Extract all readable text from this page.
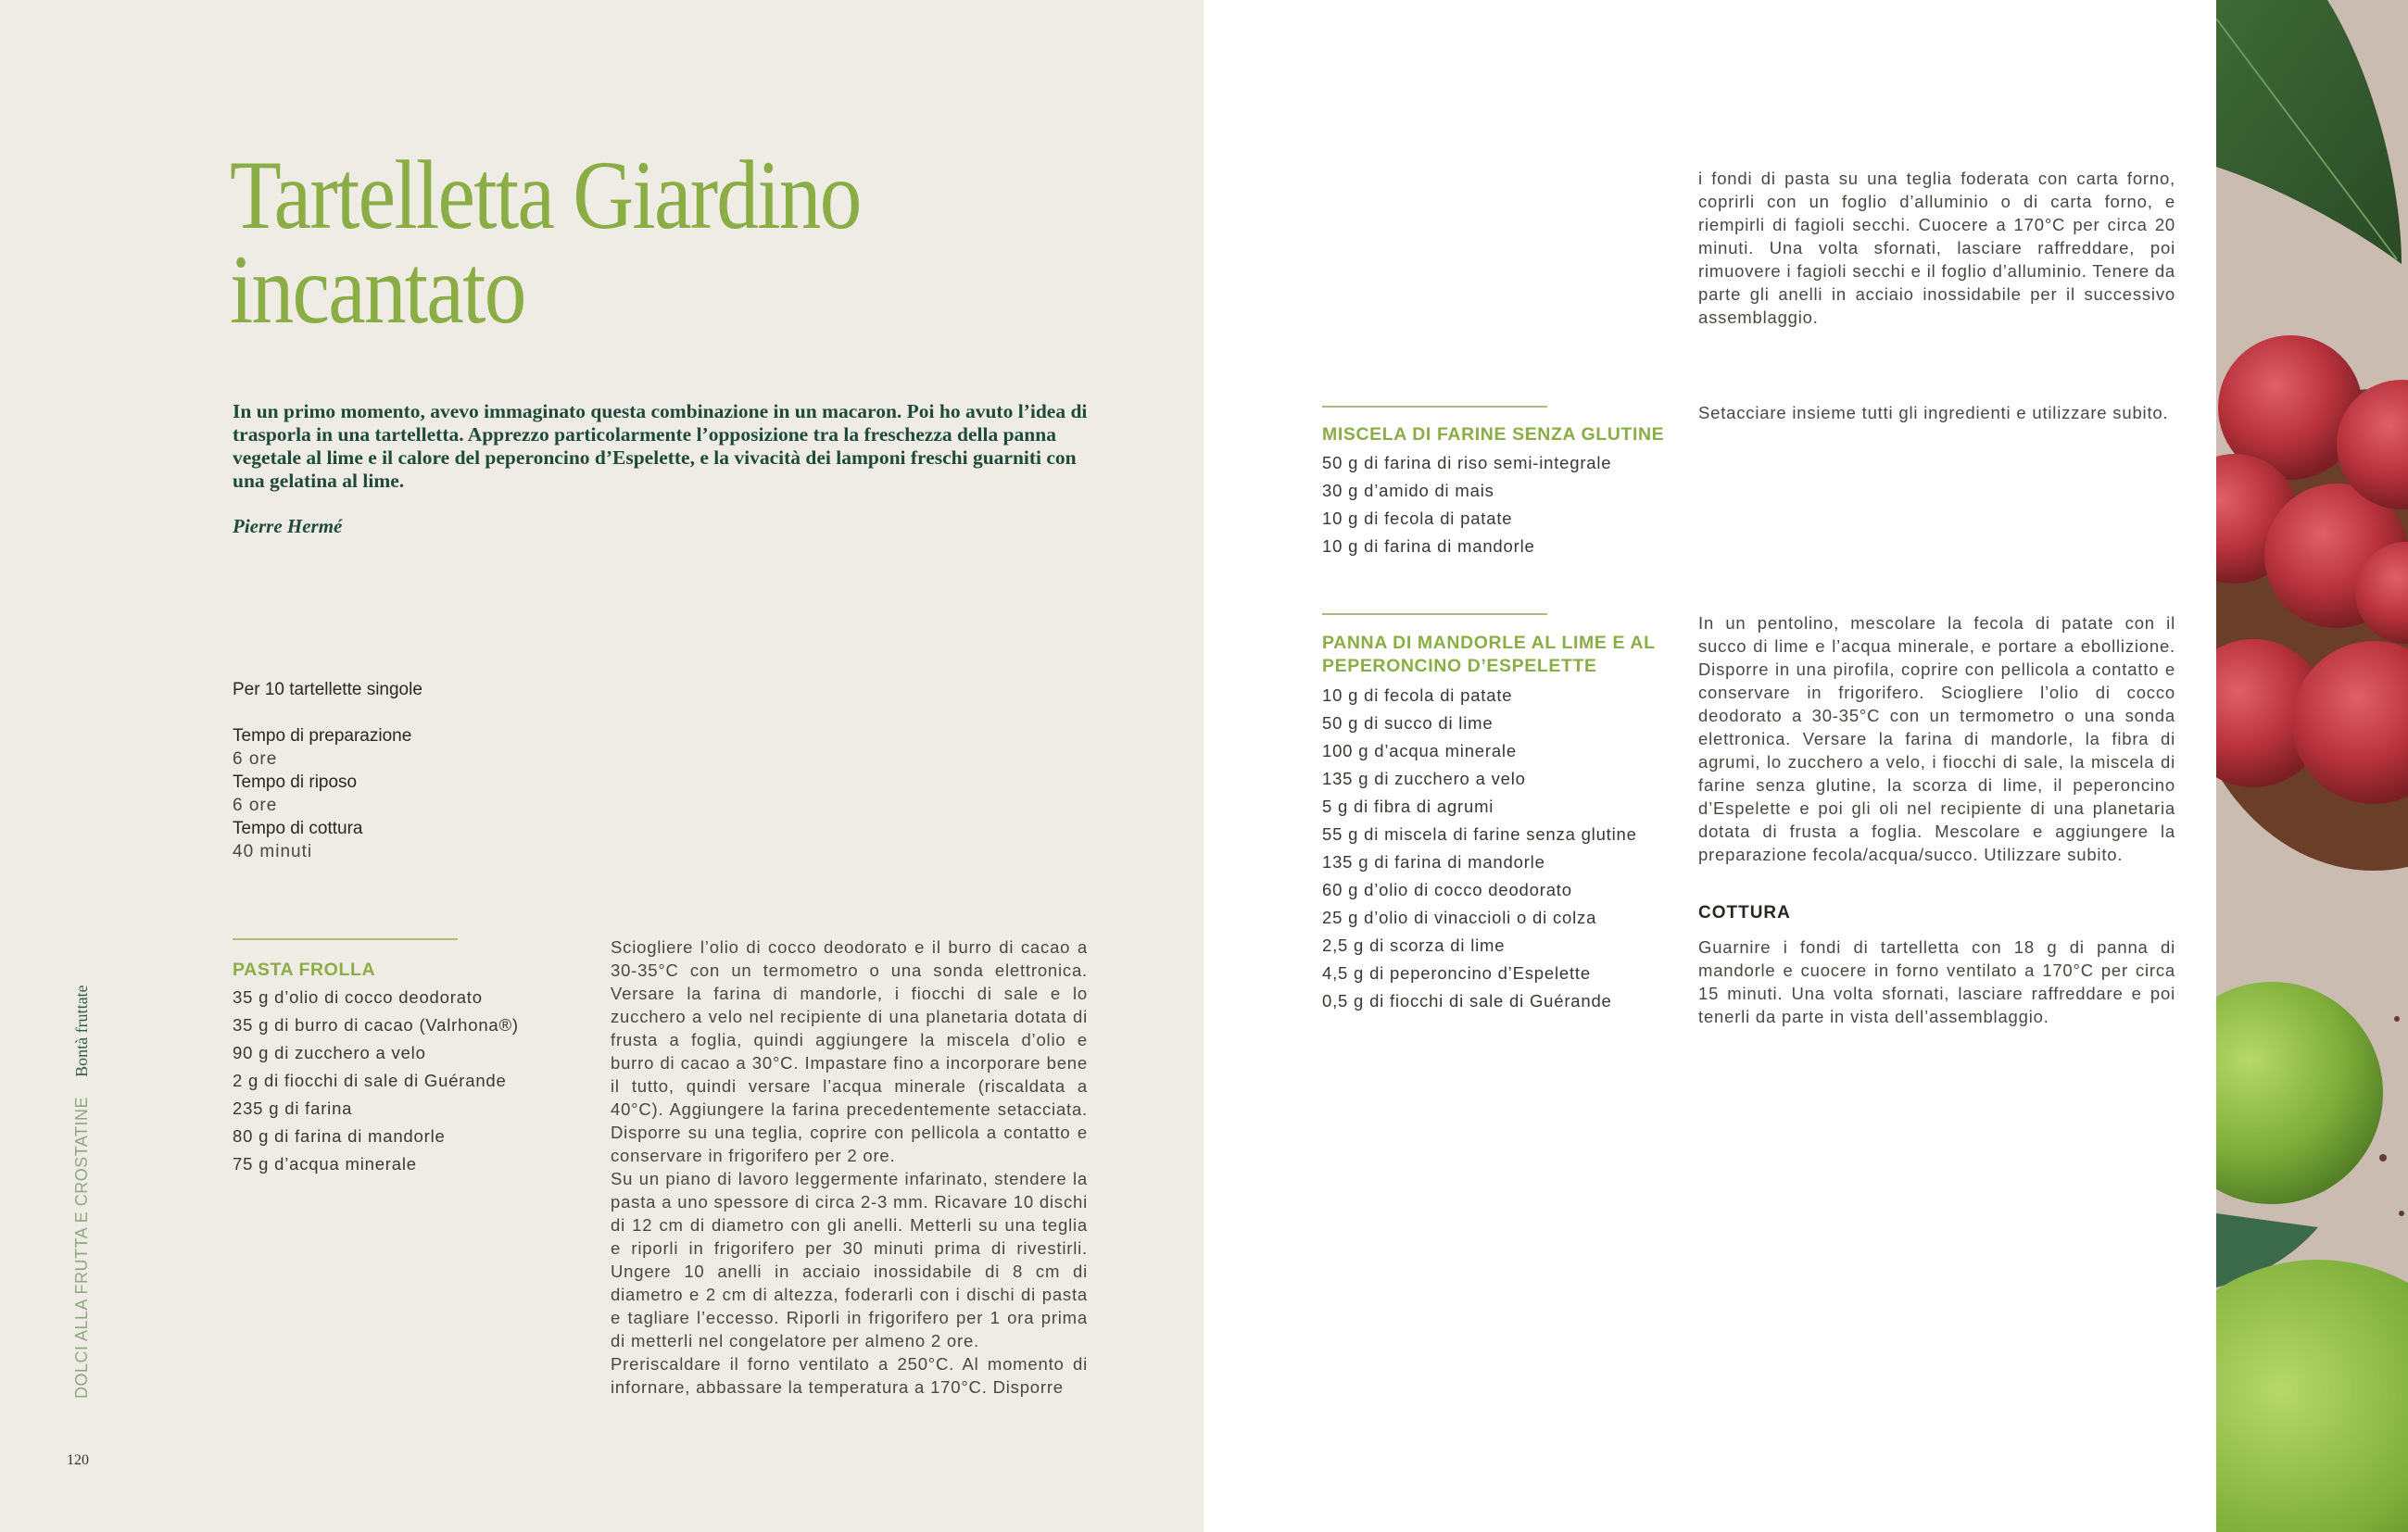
Tartelletta Giardino
incantato

In un primo momento, avevo immaginato questa combinazione in un macaron. Poi ho avuto l’idea di trasporla in una tartelletta. Apprezzo particolarmente l’opposizione tra la freschezza della panna vegetale al lime e il calore del peperoncino d’Espelette, e la vivacità dei lamponi freschi guarniti con una gelatina al lime.

Pierre Hermé

Per 10 tartellette singole
Tempo di preparazione
6 ore
Tempo di riposo
6 ore
Tempo di cottura
40 minuti
PASTA FROLLA
35 g d’olio di cocco deodorato
35 g di burro di cacao (Valrhona®)
90 g di zucchero a velo
2 g di fiocchi di sale di Guérande
235 g di farina
80 g di farina di mandorle
75 g d’acqua minerale

Sciogliere l’olio di cocco deodorato e il burro di cacao a 30-35°C con un termometro o una sonda elettronica. Versare la farina di mandorle, i fiocchi di sale e lo zucchero a velo nel recipiente di una planetaria dotata di frusta a foglia, quindi aggiungere la miscela d’olio e burro di cacao a 30°C. Impastare fino a incorporare bene il tutto, quindi versare l’acqua minerale (riscaldata a 40°C). Aggiungere la farina precedentemente setacciata. Disporre su una teglia, coprire con pellicola a contatto e conservare in frigorifero per 2 ore.

Su un piano di lavoro leggermente infarinato, stendere la pasta a uno spessore di circa 2-3 mm. Ricavare 10 dischi di 12 cm di diametro con gli anelli. Metterli su una teglia e riporli in frigorifero per 30 minuti prima di rivestirli. Ungere 10 anelli in acciaio inossidabile di 8 cm di diametro e 2 cm di altezza, foderarli con i dischi di pasta e tagliare l’eccesso. Riporli in frigorifero per 1 ora prima di metterli nel congelatore per almeno 2 ore.

Preriscaldare il forno ventilato a 250°C. Al momento di infornare, abbassare la temperatura a 170°C. Disporre

DOLCI ALLA FRUTTA E CROSTATINE Bontà fruttate
120

i fondi di pasta su una teglia foderata con carta forno, coprirli con un foglio d’alluminio o di carta forno, e riempirli di fagioli secchi. Cuocere a 170°C per circa 20 minuti. Una volta sfornati, lasciare raffreddare, poi rimuovere i fagioli secchi e il foglio d’alluminio. Tenere da parte gli anelli in acciaio inossidabile per il successivo assemblaggio.

MISCELA DI FARINE SENZA GLUTINE
50 g di farina di riso semi-integrale
30 g d’amido di mais
10 g di fecola di patate
10 g di farina di mandorle

Setacciare insieme tutti gli ingredienti e utilizzare subito.

PANNA DI MANDORLE AL LIME E AL
PEPERONCINO D’ESPELETTE
10 g di fecola di patate
50 g di succo di lime
100 g d’acqua minerale
135 g di zucchero a velo
5 g di fibra di agrumi
55 g di miscela di farine senza glutine
135 g di farina di mandorle
60 g d’olio di cocco deodorato
25 g d’olio di vinaccioli o di colza
2,5 g di scorza di lime
4,5 g di peperoncino d’Espelette
0,5 g di fiocchi di sale di Guérande

In un pentolino, mescolare la fecola di patate con il succo di lime e l’acqua minerale, e portare a ebollizione. Disporre in una pirofila, coprire con pellicola a contatto e conservare in frigorifero. Sciogliere l’olio di cocco deodorato a 30-35°C con un termometro o una sonda elettronica. Versare la farina di mandorle, la fibra di agrumi, lo zucchero a velo, i fiocchi di sale, la miscela di farine senza glutine, la scorza di lime, il peperoncino d’Espelette e poi gli oli nel recipiente di una planetaria dotata di frusta a foglia. Mescolare e aggiungere la preparazione fecola/acqua/succo. Utilizzare subito.

COTTURA

Guarnire i fondi di tartelletta con 18 g di panna di mandorle e cuocere in forno ventilato a 170°C per circa 15 minuti. Una volta sfornati, lasciare raffreddare e poi tenerli da parte in vista dell’assemblaggio.
